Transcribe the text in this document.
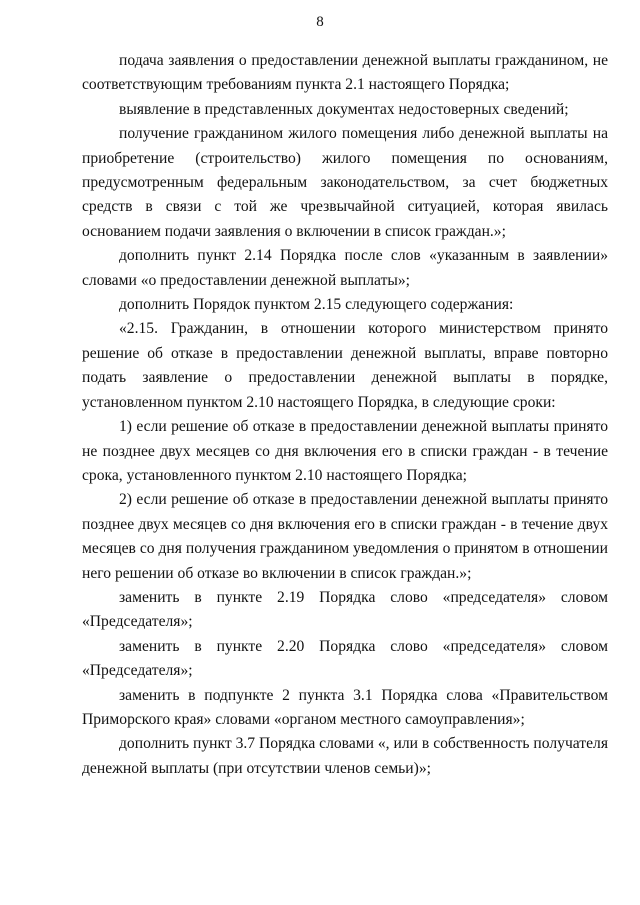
8

подача заявления о предоставлении денежной выплаты гражданином, не соответствующим требованиям пункта 2.1 настоящего Порядка;

выявление в представленных документах недостоверных сведений;

получение гражданином жилого помещения либо денежной выплаты на приобретение (строительство) жилого помещения по основаниям, предусмотренным федеральным законодательством, за счет бюджетных средств в связи с той же чрезвычайной ситуацией, которая явилась основанием подачи заявления о включении в список граждан.»;

дополнить пункт 2.14 Порядка после слов «указанным в заявлении» словами «о предоставлении денежной выплаты»;

дополнить Порядок пунктом 2.15 следующего содержания:

«2.15. Гражданин, в отношении которого министерством принято решение об отказе в предоставлении денежной выплаты, вправе повторно подать заявление о предоставлении денежной выплаты в порядке, установленном пунктом 2.10 настоящего Порядка, в следующие сроки:

1) если решение об отказе в предоставлении денежной выплаты принято не позднее двух месяцев со дня включения его в списки граждан - в течение срока, установленного пунктом 2.10 настоящего Порядка;

2) если решение об отказе в предоставлении денежной выплаты принято позднее двух месяцев со дня включения его в списки граждан - в течение двух месяцев со дня получения гражданином уведомления о принятом в отношении него решении об отказе во включении в список граждан.»;

заменить в пункте 2.19 Порядка слово «председателя» словом «Председателя»;

заменить в пункте 2.20 Порядка слово «председателя» словом «Председателя»;

заменить в подпункте 2 пункта 3.1 Порядка слова «Правительством Приморского края» словами «органом местного самоуправления»;

дополнить пункт 3.7 Порядка словами «, или в собственность получателя денежной выплаты (при отсутствии членов семьи)»;
